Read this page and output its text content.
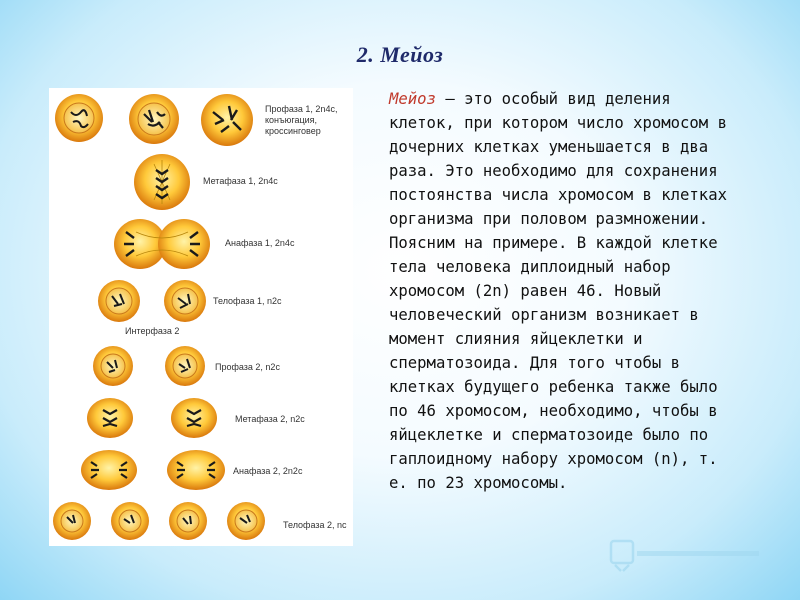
2. Мейоз
Профаза 1, 2n4c,
конъюгация,
кроссинговер
Метафаза 1, 2n4c
Анафаза 1, 2n4c
Телофаза 1, n2c
Интерфаза 2
Профаза 2, n2c
Метафаза 2, n2c
Анафаза 2, 2n2c
Телофаза 2, nc
Мейоз — это особый вид деления клеток, при котором число хромосом в дочерних клетках уменьшается в два раза. Это необходимо для сохранения постоянства числа хромосом в клетках организма при половом размножении. Поясним на примере. В каждой клетке тела человека диплоидный набор хромосом (2n) равен 46. Новый человеческий организм возникает в момент слияния яйцеклетки и сперматозоида. Для того чтобы в клетках будущего ребенка также было по 46 хромосом, необходимо, чтобы в яйцеклетке и сперматозоиде было по гаплоидному набору хромосом (n), т. е. по 23 хромосомы.
